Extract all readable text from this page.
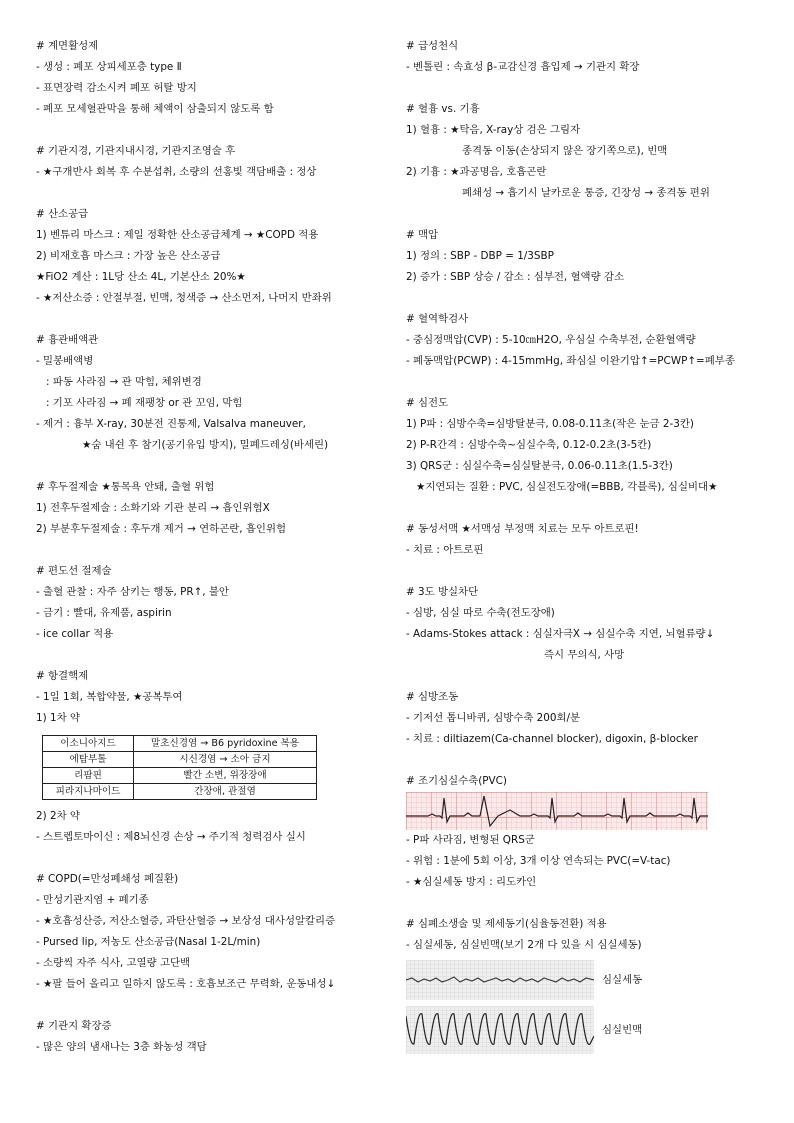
# 계면활성제
- 생성 : 폐포 상피세포층 type Ⅱ
- 표면장력 감소시켜 폐포 허탈 방지
- 폐포 모세혈관막을 통해 체액이 삼출되지 않도록 함
# 기관지경, 기관지내시경, 기관지조영술 후
- ★구개반사 회복 후 수분섭취, 소량의 선홍빛 객담배출 : 정상
# 산소공급
1) 벤튜리 마스크 : 제일 정확한 산소공급체계 → ★COPD 적용
2) 비재호흡 마스크 : 가장 높은 산소공급
★FiO2 계산 : 1L당 산소 4L, 기본산소 20%★
- ★저산소증 : 안절부절, 빈맥, 청색증 → 산소먼저, 나머지 반좌위
# 흉관배액관
- 밀봉배액병
: 파동 사라짐 → 관 막힘, 체위변경
: 기포 사라짐 → 폐 재팽창 or 관 꼬임, 막힘
- 제거 : 흉부 X-ray, 30분전 진통제, Valsalva maneuver,
★숨 내쉰 후 참기(공기유입 방지), 밀폐드레싱(바세린)
# 후두절제술 ★통목욕 안돼, 출혈 위험
1) 전후두절제술 : 소화기와 기관 분리 → 흡인위험X
2) 부분후두절제술 : 후두개 제거 → 연하곤란, 흡인위험
# 편도선 절제술
- 출혈 관찰 : 자주 삼키는 행동, PR↑, 불안
- 금기 : 빨대, 유제품, aspirin
- ice collar 적용
# 항결핵제
- 1일 1회, 복합약물, ★공복투여
1) 1차 약
이소니아지드	말초신경염 → B6 pyridoxine 복용
에탐부톨	시신경염 → 소아 금지
리팜핀	빨간 소변, 위장장애
피라지나마이드	간장애, 관절염
2) 2차 약
- 스트렙토마이신 : 제8뇌신경 손상 → 주기적 청력검사 실시
# COPD(=만성폐쇄성 폐질환)
- 만성기관지염 + 폐기종
- ★호흡성산증, 저산소혈증, 과탄산혈증 → 보상성 대사성알칼리증
- Pursed lip, 저농도 산소공급(Nasal 1-2L/min)
- 소량씩 자주 식사, 고열량 고단백
- ★팔 들어 올리고 일하지 않도록 : 호흡보조근 무력화, 운동내성↓
# 기관지 확장증
- 많은 양의 냄새나는 3층 화농성 객담
# 급성천식
- 벤톨린 : 속효성 β-교감신경 흡입제 → 기관지 확장
# 혈흉 vs. 기흉
1) 혈흉 : ★탁음, X-ray상 검은 그림자
종격동 이동(손상되지 않은 장기쪽으로), 빈맥
2) 기흉 : ★과공명음, 호흡곤란
폐쇄성 → 흡기시 날카로운 통증, 긴장성 → 종격동 편위
# 맥압
1) 정의 : SBP - DBP = 1/3SBP
2) 증가 : SBP 상승 / 감소 : 심부전, 혈액량 감소
# 혈역학검사
- 중심정맥압(CVP) : 5-10㎝H2O, 우심실 수축부전, 순환혈액량
- 폐동맥압(PCWP) : 4-15mmHg, 좌심실 이완기압↑=PCWP↑=폐부종
# 심전도
1) P파 : 심방수축=심방탈분극, 0.08-0.11초(작은 눈금 2-3칸)
2) P-R간격 : 심방수축~심실수축, 0.12-0.2초(3-5칸)
3) QRS군 : 심실수축=심실탈분극, 0.06-0.11초(1.5-3칸)
★지연되는 질환 : PVC, 심실전도장애(=BBB, 각블록), 심실비대★
# 동성서맥 ★서맥성 부정맥 치료는 모두 아트로핀!
- 치료 : 아트로핀
# 3도 방실차단
- 심방, 심실 따로 수축(전도장애)
- Adams-Stokes attack : 심실자극X → 심실수축 지연, 뇌혈류량↓
즉시 무의식, 사망
# 심방조동
- 기저선 톱니바퀴, 심방수축 200회/분
- 치료 : diltiazem(Ca-channel blocker), digoxin, β-blocker
# 조기심실수축(PVC)
- P파 사라짐, 변형된 QRS군
- 위험 : 1분에 5회 이상, 3개 이상 연속되는 PVC(=V-tac)
- ★심실세동 방지 : 리도카인
# 심폐소생술 및 제세동기(심율동전환) 적용
- 심실세동, 심실빈맥(보기 2개 다 있을 시 심실세동)
심실세동
심실빈맥
